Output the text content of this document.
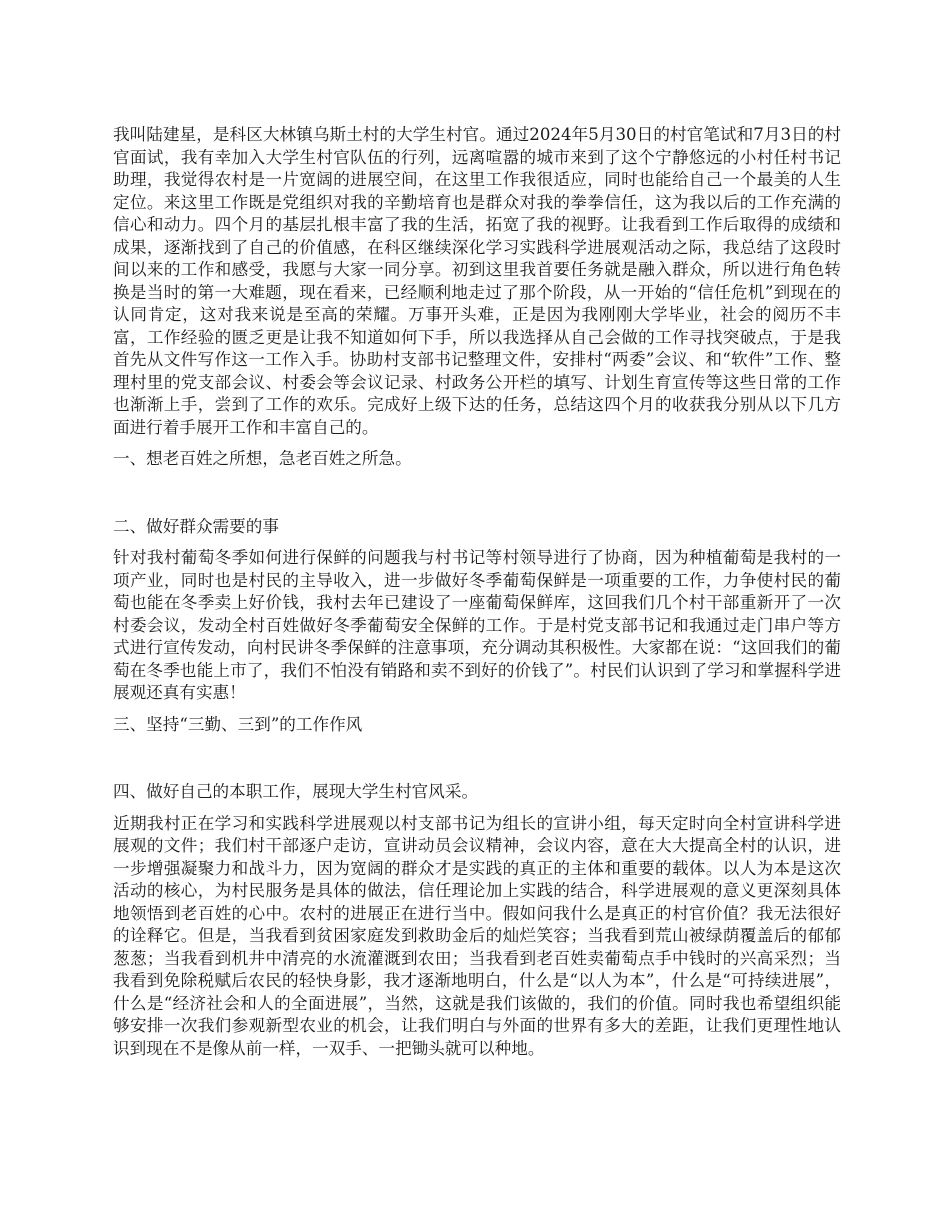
我叫陆建星，是科区大林镇乌斯土村的大学生村官。通过2024年5月30日的村官笔试和7月3日的村官面试，我有幸加入大学生村官队伍的行列，远离喧嚣的城市来到了这个宁静悠远的小村任村书记助理，我觉得农村是一片宽阔的进展空间，在这里工作我很适应，同时也能给自己一个最美的人生定位。来这里工作既是党组织对我的辛勤培育也是群众对我的拳拳信任，这为我以后的工作充满的信心和动力。四个月的基层扎根丰富了我的生活，拓宽了我的视野。让我看到工作后取得的成绩和成果，逐渐找到了自己的价值感，在科区继续深化学习实践科学进展观活动之际，我总结了这段时间以来的工作和感受，我愿与大家一同分享。初到这里我首要任务就是融入群众，所以进行角色转换是当时的第一大难题，现在看来，已经顺利地走过了那个阶段，从一开始的“信任危机”到现在的认同肯定，这对我来说是至高的荣耀。万事开头难，正是因为我刚刚大学毕业，社会的阅历不丰富，工作经验的匮乏更是让我不知道如何下手，所以我选择从自己会做的工作寻找突破点，于是我首先从文件写作这一工作入手。协助村支部书记整理文件，安排村“两委”会议、和“软件”工作、整理村里的党支部会议、村委会等会议记录、村政务公开栏的填写、计划生育宣传等这些日常的工作也渐渐上手，尝到了工作的欢乐。完成好上级下达的任务，总结这四个月的收获我分别从以下几方面进行着手展开工作和丰富自己的。

一、想老百姓之所想，急老百姓之所急。

二、做好群众需要的事

针对我村葡萄冬季如何进行保鲜的问题我与村书记等村领导进行了协商，因为种植葡萄是我村的一项产业，同时也是村民的主导收入，进一步做好冬季葡萄保鲜是一项重要的工作，力争使村民的葡萄也能在冬季卖上好价钱，我村去年已建设了一座葡萄保鲜库，这回我们几个村干部重新开了一次村委会议，发动全村百姓做好冬季葡萄安全保鲜的工作。于是村党支部书记和我通过走门串户等方式进行宣传发动，向村民讲冬季保鲜的注意事项，充分调动其积极性。大家都在说：“这回我们的葡萄在冬季也能上市了，我们不怕没有销路和卖不到好的价钱了”。村民们认识到了学习和掌握科学进展观还真有实惠！

三、坚持“三勤、三到”的工作作风

四、做好自己的本职工作，展现大学生村官风采。

近期我村正在学习和实践科学进展观以村支部书记为组长的宣讲小组，每天定时向全村宣讲科学进展观的文件；我们村干部逐户走访，宣讲动员会议精神，会议内容，意在大大提高全村的认识，进一步增强凝聚力和战斗力，因为宽阔的群众才是实践的真正的主体和重要的载体。以人为本是这次活动的核心，为村民服务是具体的做法，信任理论加上实践的结合，科学进展观的意义更深刻具体地领悟到老百姓的心中。农村的进展正在进行当中。假如问我什么是真正的村官价值？我无法很好的诠释它。但是，当我看到贫困家庭发到救助金后的灿烂笑容；当我看到荒山被绿荫覆盖后的郁郁葱葱；当我看到机井中清亮的水流灌溉到农田；当我看到老百姓卖葡萄点手中钱时的兴高采烈；当我看到免除税赋后农民的轻快身影，我才逐渐地明白，什么是“以人为本”，什么是“可持续进展”，什么是“经济社会和人的全面进展”，当然，这就是我们该做的，我们的价值。同时我也希望组织能够安排一次我们参观新型农业的机会，让我们明白与外面的世界有多大的差距，让我们更理性地认识到现在不是像从前一样，一双手、一把锄头就可以种地。
